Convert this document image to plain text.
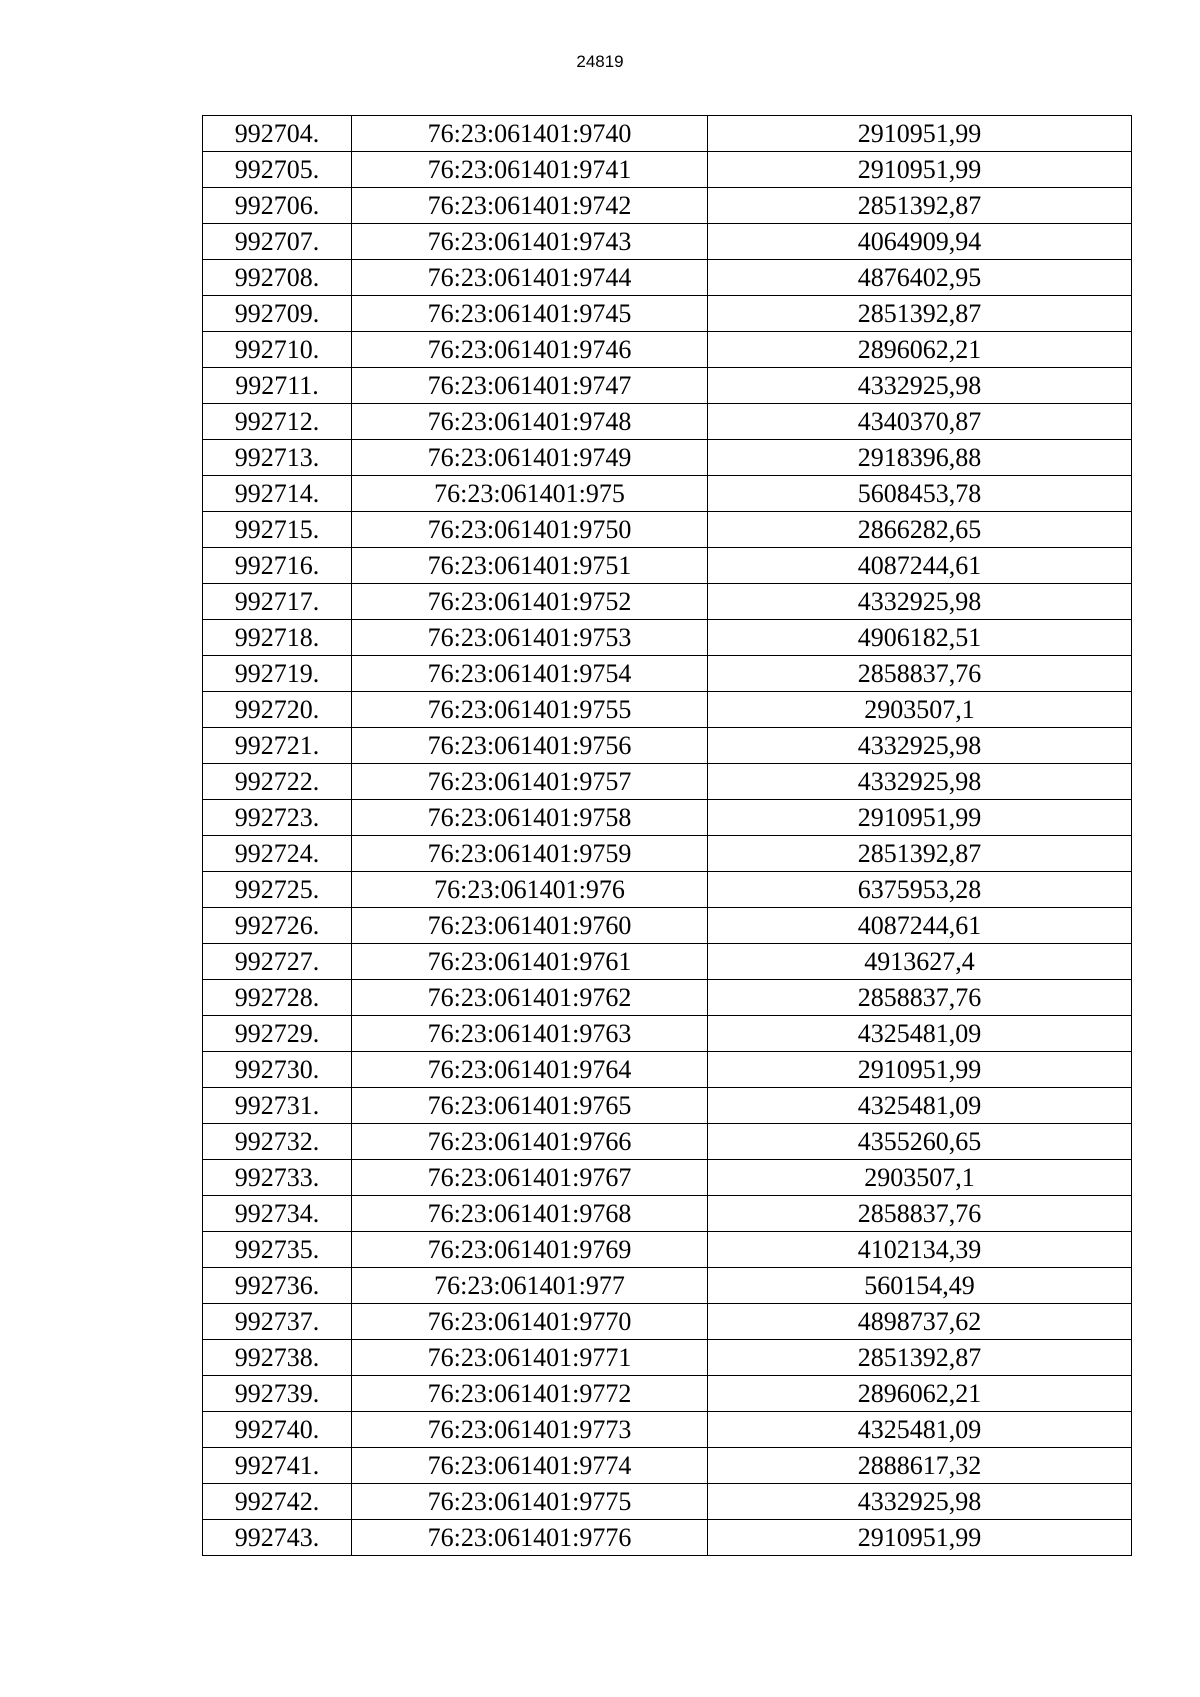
24819
992704.	76:23:061401:9740	2910951,99
992705.	76:23:061401:9741	2910951,99
992706.	76:23:061401:9742	2851392,87
992707.	76:23:061401:9743	4064909,94
992708.	76:23:061401:9744	4876402,95
992709.	76:23:061401:9745	2851392,87
992710.	76:23:061401:9746	2896062,21
992711.	76:23:061401:9747	4332925,98
992712.	76:23:061401:9748	4340370,87
992713.	76:23:061401:9749	2918396,88
992714.	76:23:061401:975	5608453,78
992715.	76:23:061401:9750	2866282,65
992716.	76:23:061401:9751	4087244,61
992717.	76:23:061401:9752	4332925,98
992718.	76:23:061401:9753	4906182,51
992719.	76:23:061401:9754	2858837,76
992720.	76:23:061401:9755	2903507,1
992721.	76:23:061401:9756	4332925,98
992722.	76:23:061401:9757	4332925,98
992723.	76:23:061401:9758	2910951,99
992724.	76:23:061401:9759	2851392,87
992725.	76:23:061401:976	6375953,28
992726.	76:23:061401:9760	4087244,61
992727.	76:23:061401:9761	4913627,4
992728.	76:23:061401:9762	2858837,76
992729.	76:23:061401:9763	4325481,09
992730.	76:23:061401:9764	2910951,99
992731.	76:23:061401:9765	4325481,09
992732.	76:23:061401:9766	4355260,65
992733.	76:23:061401:9767	2903507,1
992734.	76:23:061401:9768	2858837,76
992735.	76:23:061401:9769	4102134,39
992736.	76:23:061401:977	560154,49
992737.	76:23:061401:9770	4898737,62
992738.	76:23:061401:9771	2851392,87
992739.	76:23:061401:9772	2896062,21
992740.	76:23:061401:9773	4325481,09
992741.	76:23:061401:9774	2888617,32
992742.	76:23:061401:9775	4332925,98
992743.	76:23:061401:9776	2910951,99
